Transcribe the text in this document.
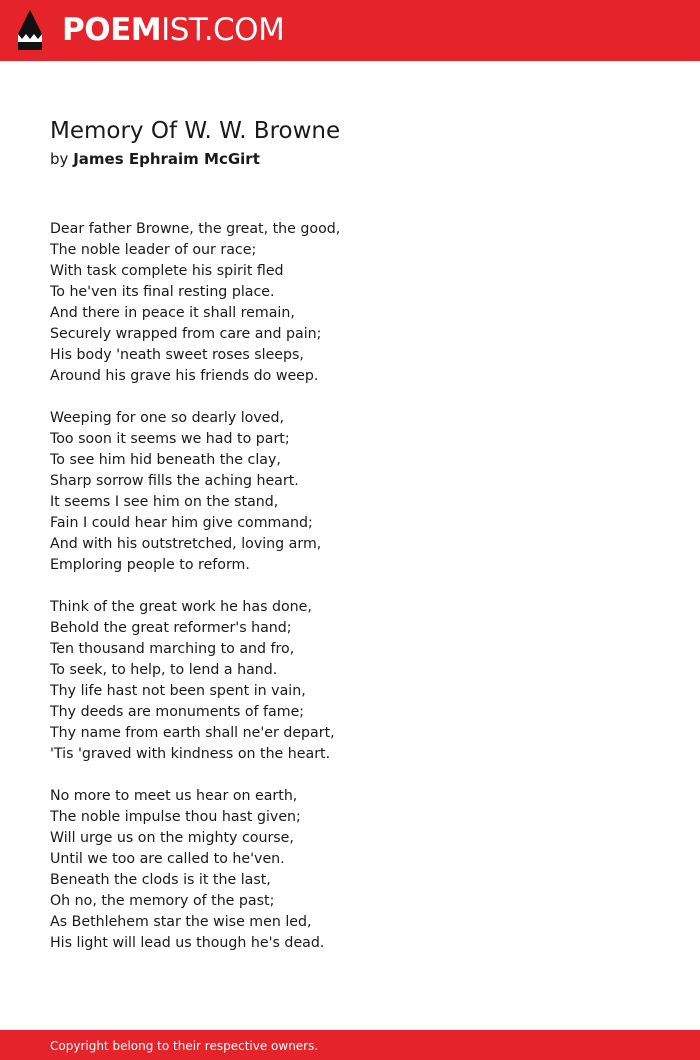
POEMIST.COM
Memory Of W. W. Browne
by James Ephraim McGirt
Dear father Browne, the great, the good,
The noble leader of our race;
With task complete his spirit fled
To he'ven its final resting place.
And there in peace it shall remain,
Securely wrapped from care and pain;
His body 'neath sweet roses sleeps,
Around his grave his friends do weep.
Weeping for one so dearly loved,
Too soon it seems we had to part;
To see him hid beneath the clay,
Sharp sorrow fills the aching heart.
It seems I see him on the stand,
Fain I could hear him give command;
And with his outstretched, loving arm,
Emploring people to reform.
Think of the great work he has done,
Behold the great reformer's hand;
Ten thousand marching to and fro,
To seek, to help, to lend a hand.
Thy life hast not been spent in vain,
Thy deeds are monuments of fame;
Thy name from earth shall ne'er depart,
'Tis 'graved with kindness on the heart.
No more to meet us hear on earth,
The noble impulse thou hast given;
Will urge us on the mighty course,
Until we too are called to he'ven.
Beneath the clods is it the last,
Oh no, the memory of the past;
As Bethlehem star the wise men led,
His light will lead us though he's dead.
Copyright belong to their respective owners.
